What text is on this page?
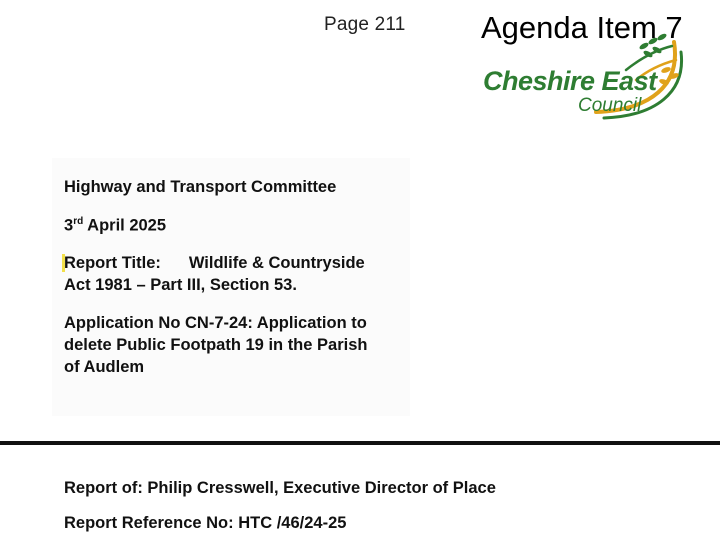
Page 211 Agenda Item 7
Cheshire East
Council
Highway and Transport Committee
3rd April 2025
Report Title: Wildlife & Countryside
Act 1981 – Part III, Section 53.
Application No CN-7-24: Application to
delete Public Footpath 19 in the Parish
of Audlem
Report of: Philip Cresswell, Executive Director of Place
Report Reference No: HTC /46/24-25
